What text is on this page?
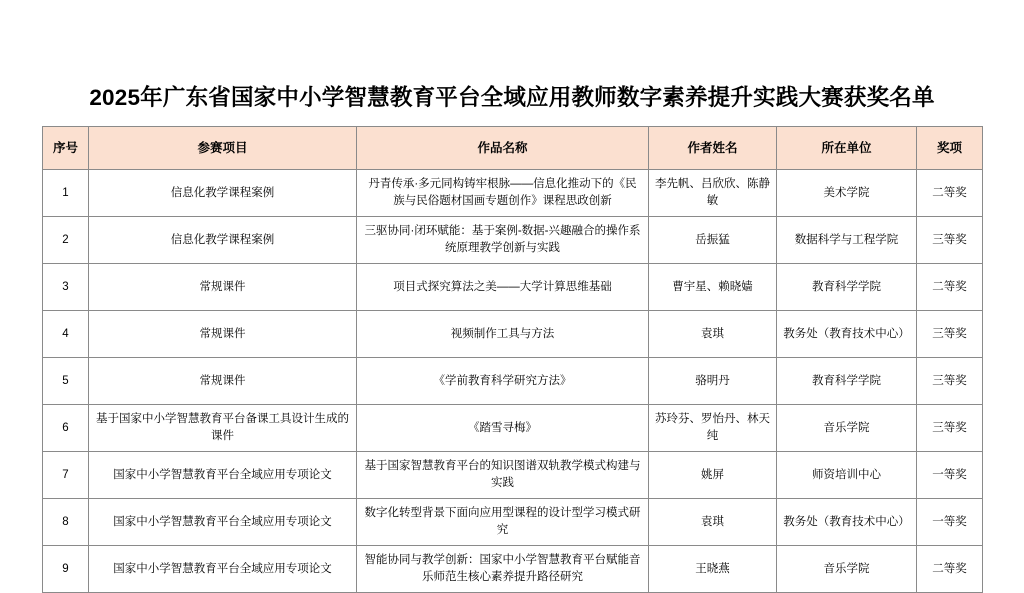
2025年广东省国家中小学智慧教育平台全域应用教师数字素养提升实践大赛获奖名单
序号	参赛项目	作品名称	作者姓名	所在单位	奖项
1	信息化教学课程案例	丹青传承·多元同构铸牢根脉——信息化推动下的《民族与民俗题材国画专题创作》课程思政创新	李先帆、吕欣欣、陈静敏	美术学院	二等奖
2	信息化教学课程案例	三驱协同·闭环赋能：基于案例-数据-兴趣融合的操作系统原理教学创新与实践	岳振猛	数据科学与工程学院	三等奖
3	常规课件	项目式探究算法之美——大学计算思维基础	曹宇星、赖晓嫱	教育科学学院	二等奖
4	常规课件	视频制作工具与方法	袁琪	教务处（教育技术中心）	三等奖
5	常规课件	《学前教育科学研究方法》	骆明丹	教育科学学院	三等奖
6	基于国家中小学智慧教育平台备课工具设计生成的课件	《踏雪寻梅》	苏玲芬、罗怡丹、林天纯	音乐学院	三等奖
7	国家中小学智慧教育平台全域应用专项论文	基于国家智慧教育平台的知识图谱双轨教学模式构建与实践	姚屏	师资培训中心	一等奖
8	国家中小学智慧教育平台全域应用专项论文	数字化转型背景下面向应用型课程的设计型学习模式研究	袁琪	教务处（教育技术中心）	一等奖
9	国家中小学智慧教育平台全域应用专项论文	智能协同与教学创新：国家中小学智慧教育平台赋能音乐师范生核心素养提升路径研究	王晓燕	音乐学院	二等奖
